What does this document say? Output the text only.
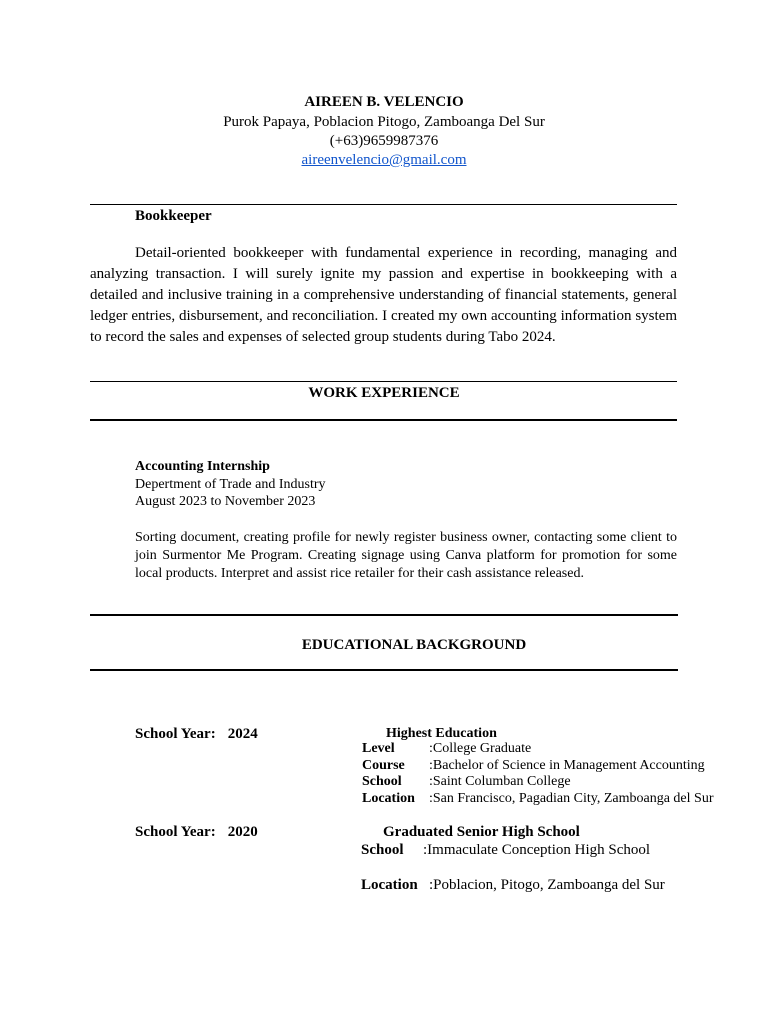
AIREEN B. VELENCIO
Purok Papaya, Poblacion Pitogo, Zamboanga Del Sur
(+63)9659987376
aireenvelencio@gmail.com
Bookkeeper

Detail-oriented bookkeeper with fundamental experience in recording, managing and analyzing transaction. I will surely ignite my passion and expertise in bookkeeping with a detailed and inclusive training in a comprehensive understanding of financial statements, general ledger entries, disbursement, and reconciliation. I created my own accounting information system to record the sales and expenses of selected group students during Tabo 2024.

WORK EXPERIENCE
Accounting Internship
Depertment of Trade and Industry
August 2023 to November 2023

Sorting document, creating profile for newly register business owner, contacting some client to join Surmentor Me Program. Creating signage using Canva platform for promotion for some local products. Interpret and assist rice retailer for their cash assistance released.

EDUCATIONAL BACKGROUND
School Year: 2024	Highest Education
Level :College Graduate
Course :Bachelor of Science in Management Accounting
School :Saint Columban College
Location :San Francisco, Pagadian City, Zamboanga del Sur
School Year: 2020	Graduated Senior High School
School :Immaculate Conception High School
Location :Poblacion, Pitogo, Zamboanga del Sur
